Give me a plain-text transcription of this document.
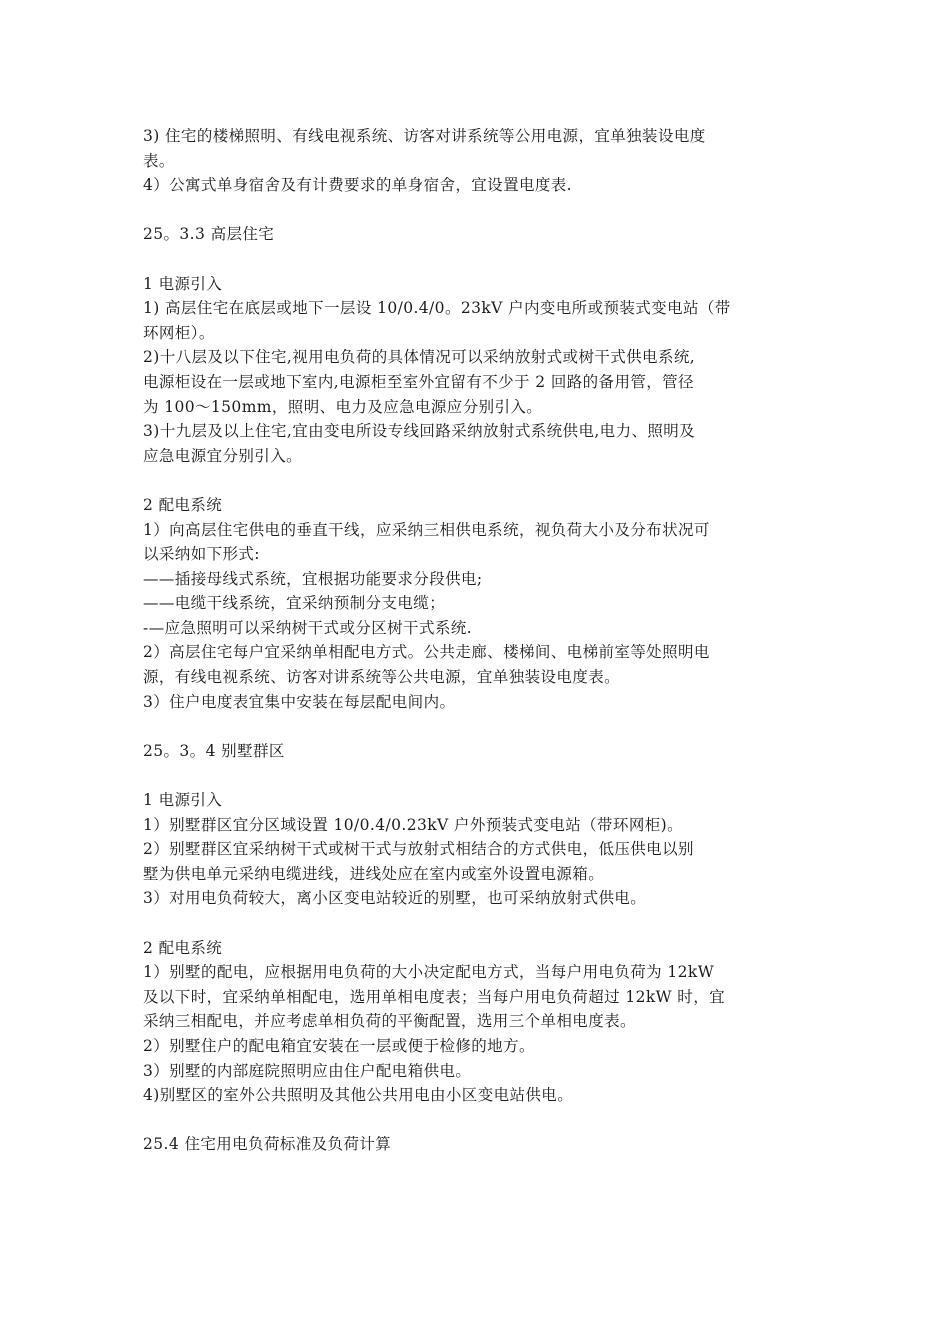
3) 住宅的楼梯照明、有线电视系统、访客对讲系统等公用电源，宜单独装设电度
表。
4）公寓式单身宿舍及有计费要求的单身宿舍，宜设置电度表.
25。3.3 高层住宅
1 电源引入
1) 高层住宅在底层或地下一层设 10/0.4/0。23kV 户内变电所或预装式变电站（带
环网柜）。
2)十八层及以下住宅,视用电负荷的具体情况可以采纳放射式或树干式供电系统,
电源柜设在一层或地下室内,电源柜至室外宜留有不少于 2 回路的备用管，管径
为 100～150mm，照明、电力及应急电源应分别引入。
3)十九层及以上住宅,宜由变电所设专线回路采纳放射式系统供电,电力、照明及
应急电源宜分别引入。
2 配电系统
1）向高层住宅供电的垂直干线，应采纳三相供电系统，视负荷大小及分布状况可
以采纳如下形式:
——插接母线式系统，宜根据功能要求分段供电;
——电缆干线系统，宜采纳预制分支电缆；
-—应急照明可以采纳树干式或分区树干式系统.
2）高层住宅每户宜采纳单相配电方式。公共走廊、楼梯间、电梯前室等处照明电
源，有线电视系统、访客对讲系统等公共电源，宜单独装设电度表。
3）住户电度表宜集中安装在每层配电间内。
25。3。4 别墅群区
1 电源引入
1）别墅群区宜分区域设置 10/0.4/0.23kV 户外预装式变电站（带环网柜)。
2）别墅群区宜采纳树干式或树干式与放射式相结合的方式供电，低压供电以别
墅为供电单元采纳电缆进线，进线处应在室内或室外设置电源箱。
3）对用电负荷较大，离小区变电站较近的别墅，也可采纳放射式供电。
2 配电系统
1）别墅的配电，应根据用电负荷的大小决定配电方式，当每户用电负荷为 12kW
及以下时，宜采纳单相配电，选用单相电度表；当每户用电负荷超过 12kW 时，宜
采纳三相配电，并应考虑单相负荷的平衡配置，选用三个单相电度表。
2）别墅住户的配电箱宜安装在一层或便于检修的地方。
3）别墅的内部庭院照明应由住户配电箱供电。
4)别墅区的室外公共照明及其他公共用电由小区变电站供电。
25.4 住宅用电负荷标准及负荷计算
